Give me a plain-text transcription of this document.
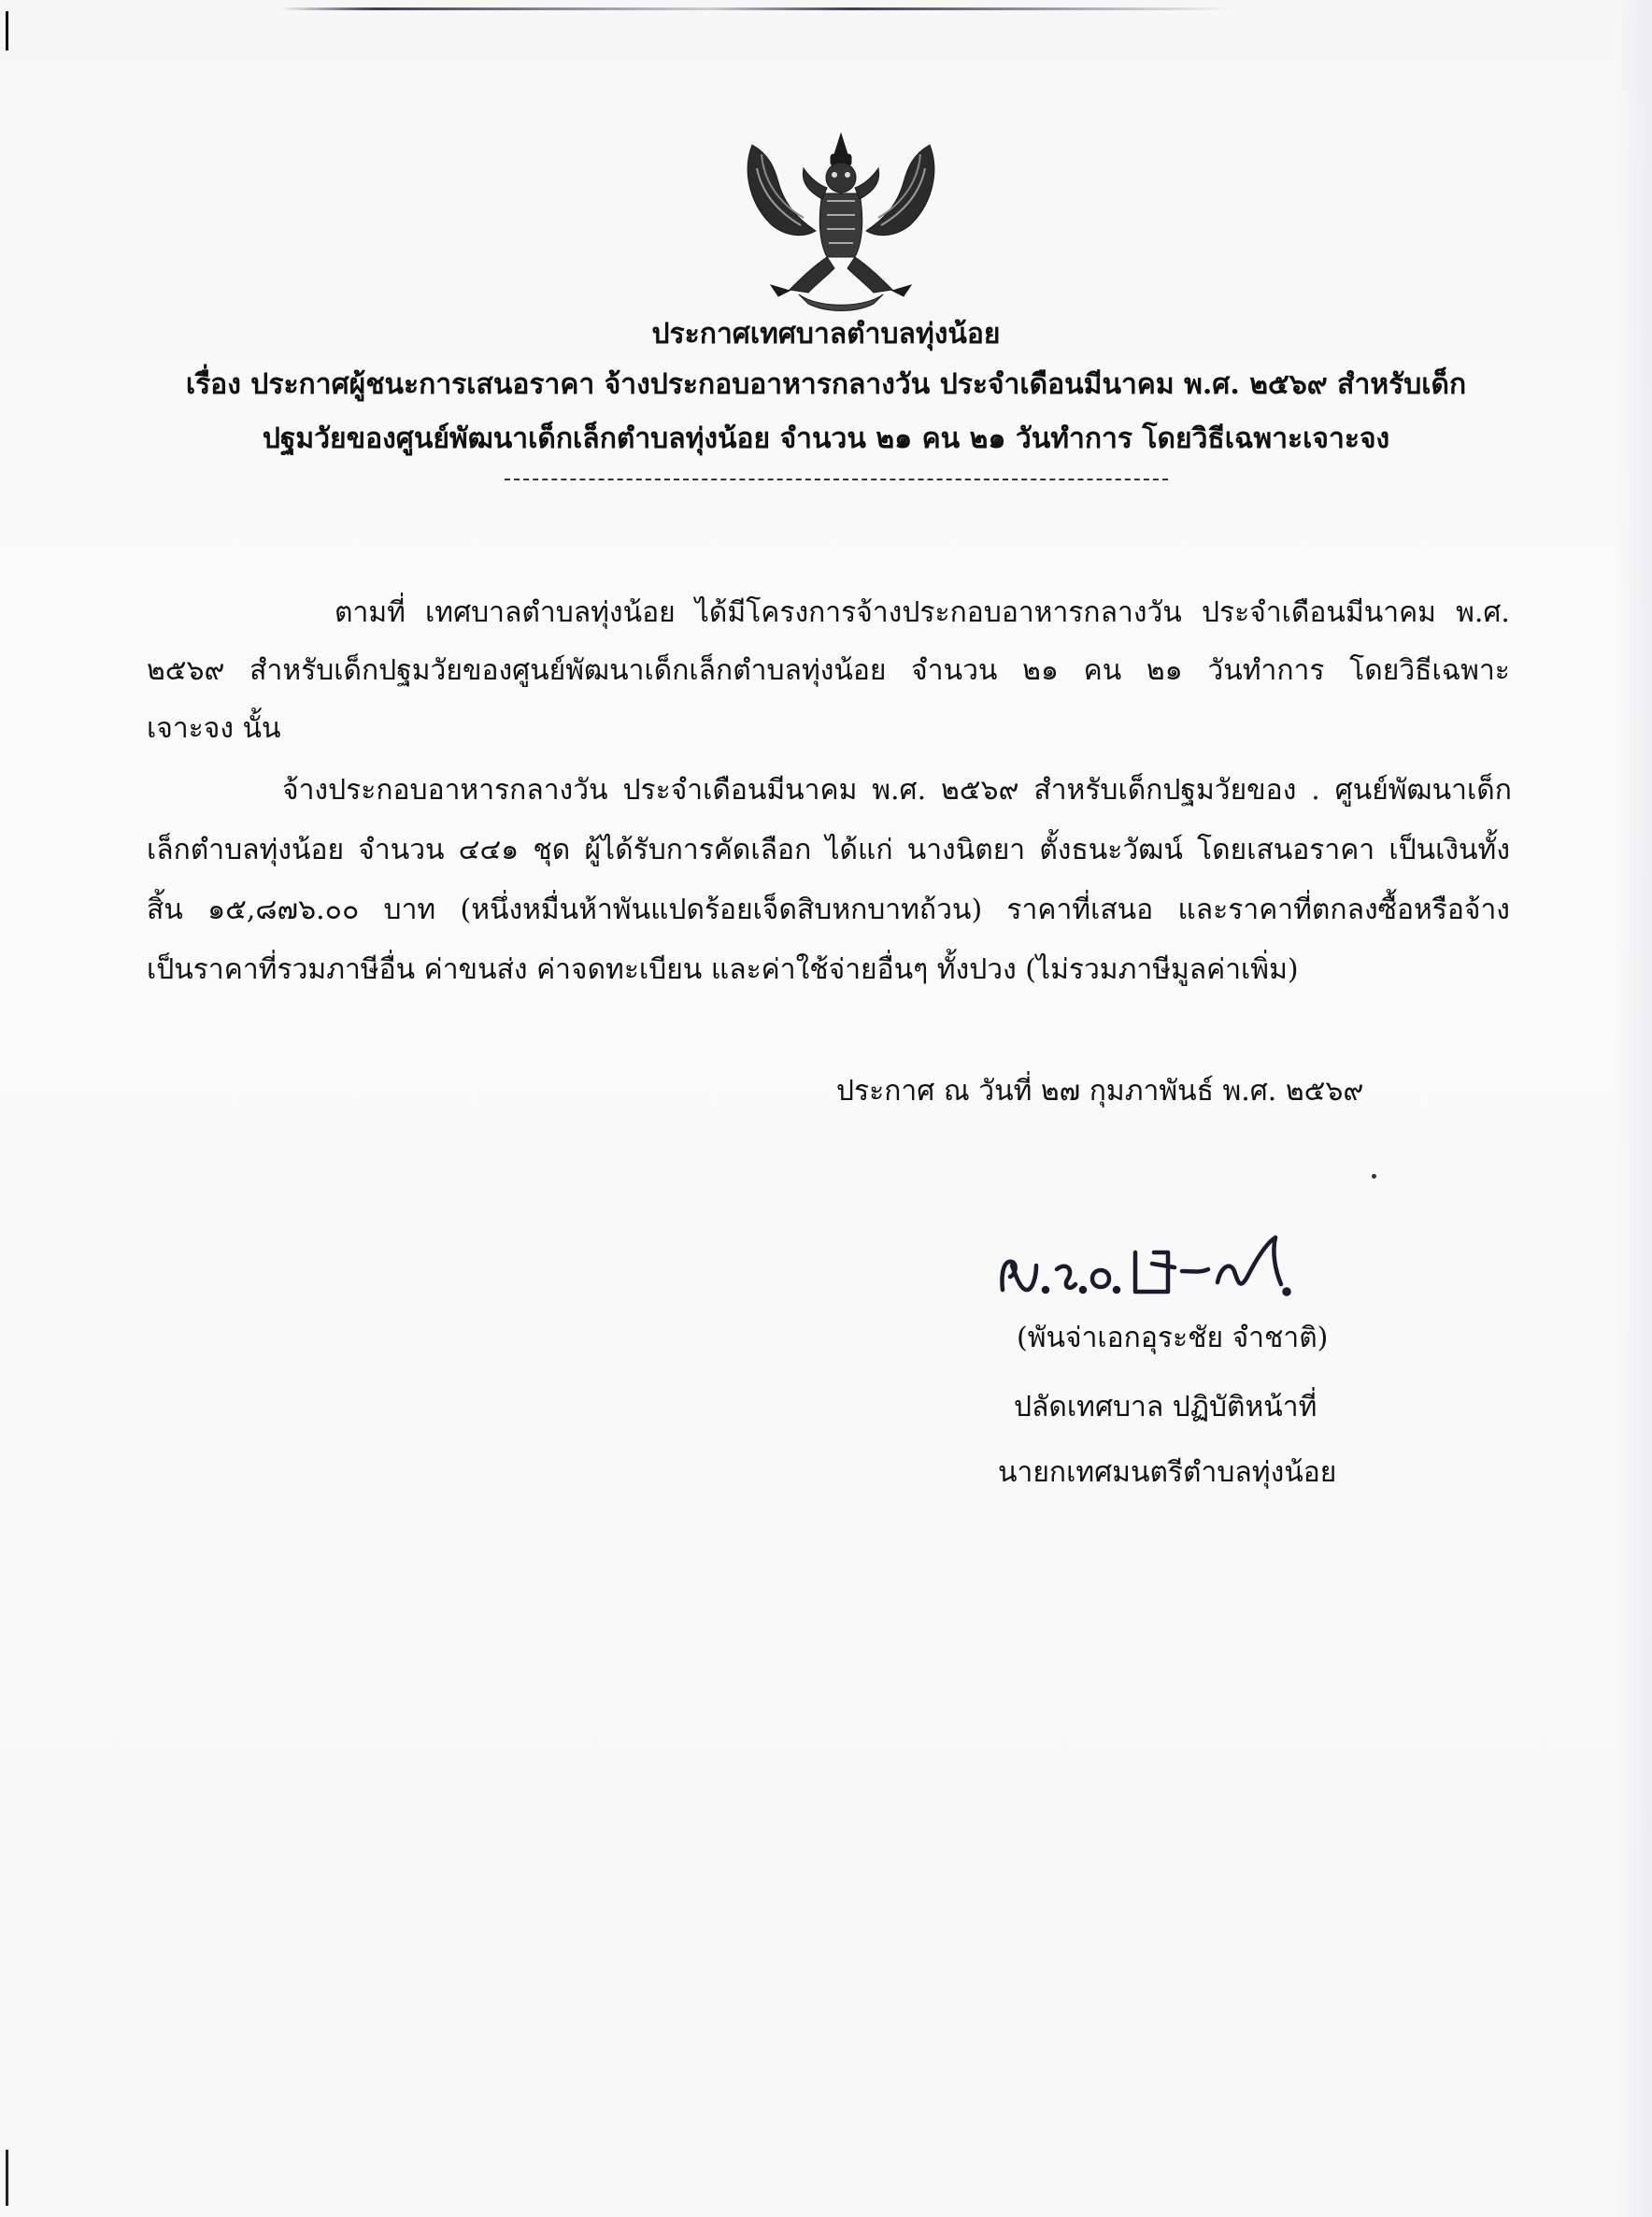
ประกาศเทศบาลตำบลทุ่งน้อย
เรื่อง ประกาศผู้ชนะการเสนอราคา จ้างประกอบอาหารกลางวัน ประจำเดือนมีนาคม พ.ศ. ๒๕๖๙ สำหรับเด็ก
ปฐมวัยของศูนย์พัฒนาเด็กเล็กตำบลทุ่งน้อย จำนวน ๒๑ คน ๒๑ วันทำการ โดยวิธีเฉพาะเจาะจง
ตามที่ เทศบาลตำบลทุ่งน้อย ได้มีโครงการจ้างประกอบอาหารกลางวัน ประจำเดือนมีนาคม พ.ศ.
๒๕๖๙ สำหรับเด็กปฐมวัยของศูนย์พัฒนาเด็กเล็กตำบลทุ่งน้อย จำนวน ๒๑ คน ๒๑ วันทำการ โดยวิธีเฉพาะ
เจาะจง นั้น
จ้างประกอบอาหารกลางวัน ประจำเดือนมีนาคม พ.ศ. ๒๕๖๙ สำหรับเด็กปฐมวัยของ . ศูนย์พัฒนาเด็ก
เล็กตำบลทุ่งน้อย จำนวน ๔๔๑ ชุด ผู้ได้รับการคัดเลือก ได้แก่ นางนิตยา ตั้งธนะวัฒน์ โดยเสนอราคา เป็นเงินทั้ง
สิ้น ๑๕,๘๗๖.๐๐ บาท (หนึ่งหมื่นห้าพันแปดร้อยเจ็ดสิบหกบาทถ้วน) ราคาที่เสนอ และราคาที่ตกลงซื้อหรือจ้าง
เป็นราคาที่รวมภาษีอื่น ค่าขนส่ง ค่าจดทะเบียน และค่าใช้จ่ายอื่นๆ ทั้งปวง (ไม่รวมภาษีมูลค่าเพิ่ม)
ประกาศ ณ วันที่ ๒๗ กุมภาพันธ์ พ.ศ. ๒๕๖๙
(พันจ่าเอกอุระชัย จำชาติ)
ปลัดเทศบาล ปฏิบัติหน้าที่
นายกเทศมนตรีตำบลทุ่งน้อย
